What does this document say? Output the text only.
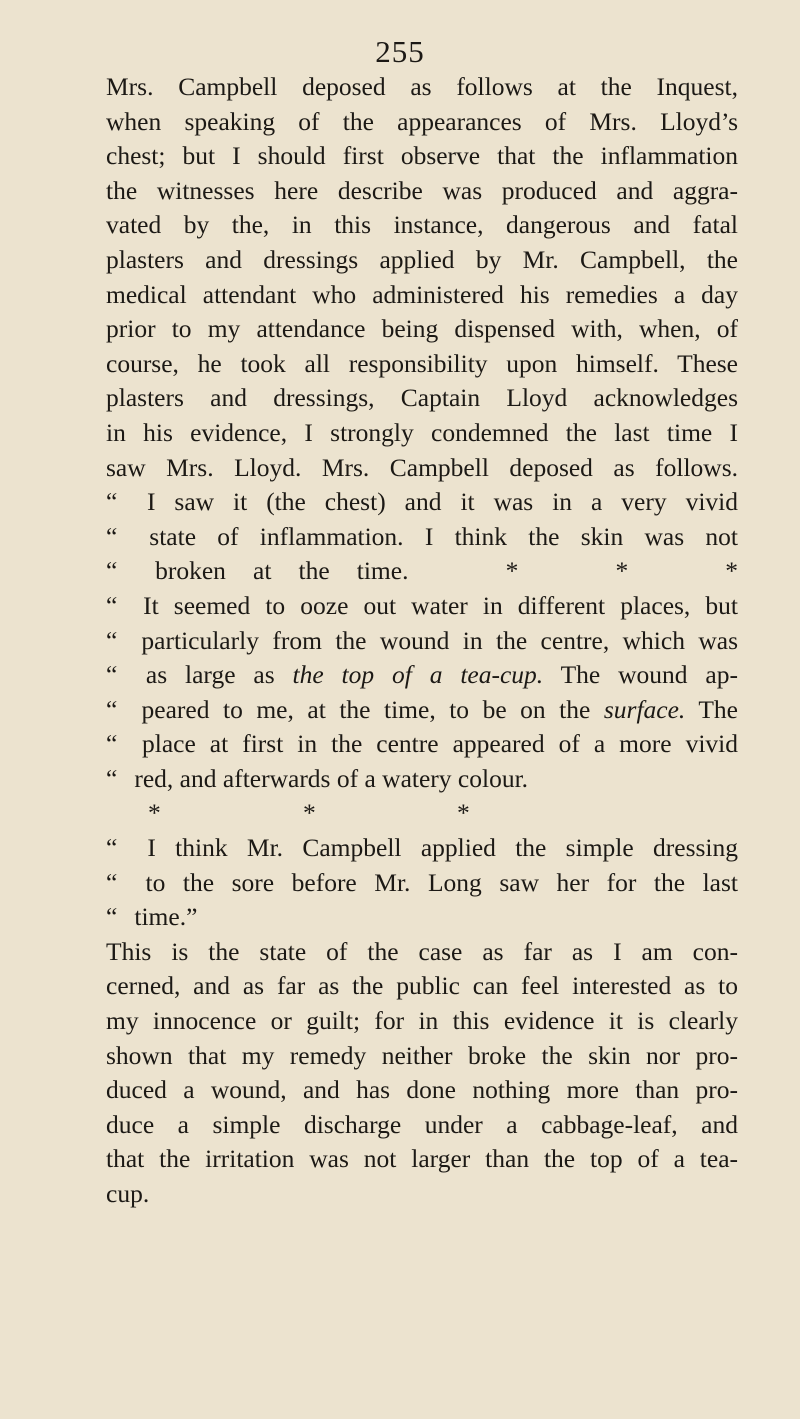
255
Mrs. Campbell deposed as follows at the Inquest,
when speaking of the appearances of Mrs. Lloyd’s
chest; but I should first observe that the inflammation
the witnesses here describe was produced and aggra-
vated by the, in this instance, dangerous and fatal
plasters and dressings applied by Mr. Campbell, the
medical attendant who administered his remedies a day
prior to my attendance being dispensed with, when, of
course, he took all responsibility upon himself. These
plasters and dressings, Captain Lloyd acknowledges
in his evidence, I strongly condemned the last time I
saw Mrs. Lloyd. Mrs. Campbell deposed as follows.
“ I saw it (the chest) and it was in a very vivid
“ state of inflammation. I think the skin was not
“ broken at the time.	*	*	*
“ It seemed to ooze out water in different places, but
“ particularly from the wound in the centre, which was
“ as large as the top of a tea-cup. The wound ap-
“ peared to me, at the time, to be on the surface. The
“ place at first in the centre appeared of a more vivid
“ red, and afterwards of a watery colour.
*	*	*
“ I think Mr. Campbell applied the simple dressing
“ to the sore before Mr. Long saw her for the last
“ time.”
This is the state of the case as far as I am con-
cerned, and as far as the public can feel interested as to
my innocence or guilt; for in this evidence it is clearly
shown that my remedy neither broke the skin nor pro-
duced a wound, and has done nothing more than pro-
duce a simple discharge under a cabbage-leaf, and
that the irritation was not larger than the top of a tea-
cup.
